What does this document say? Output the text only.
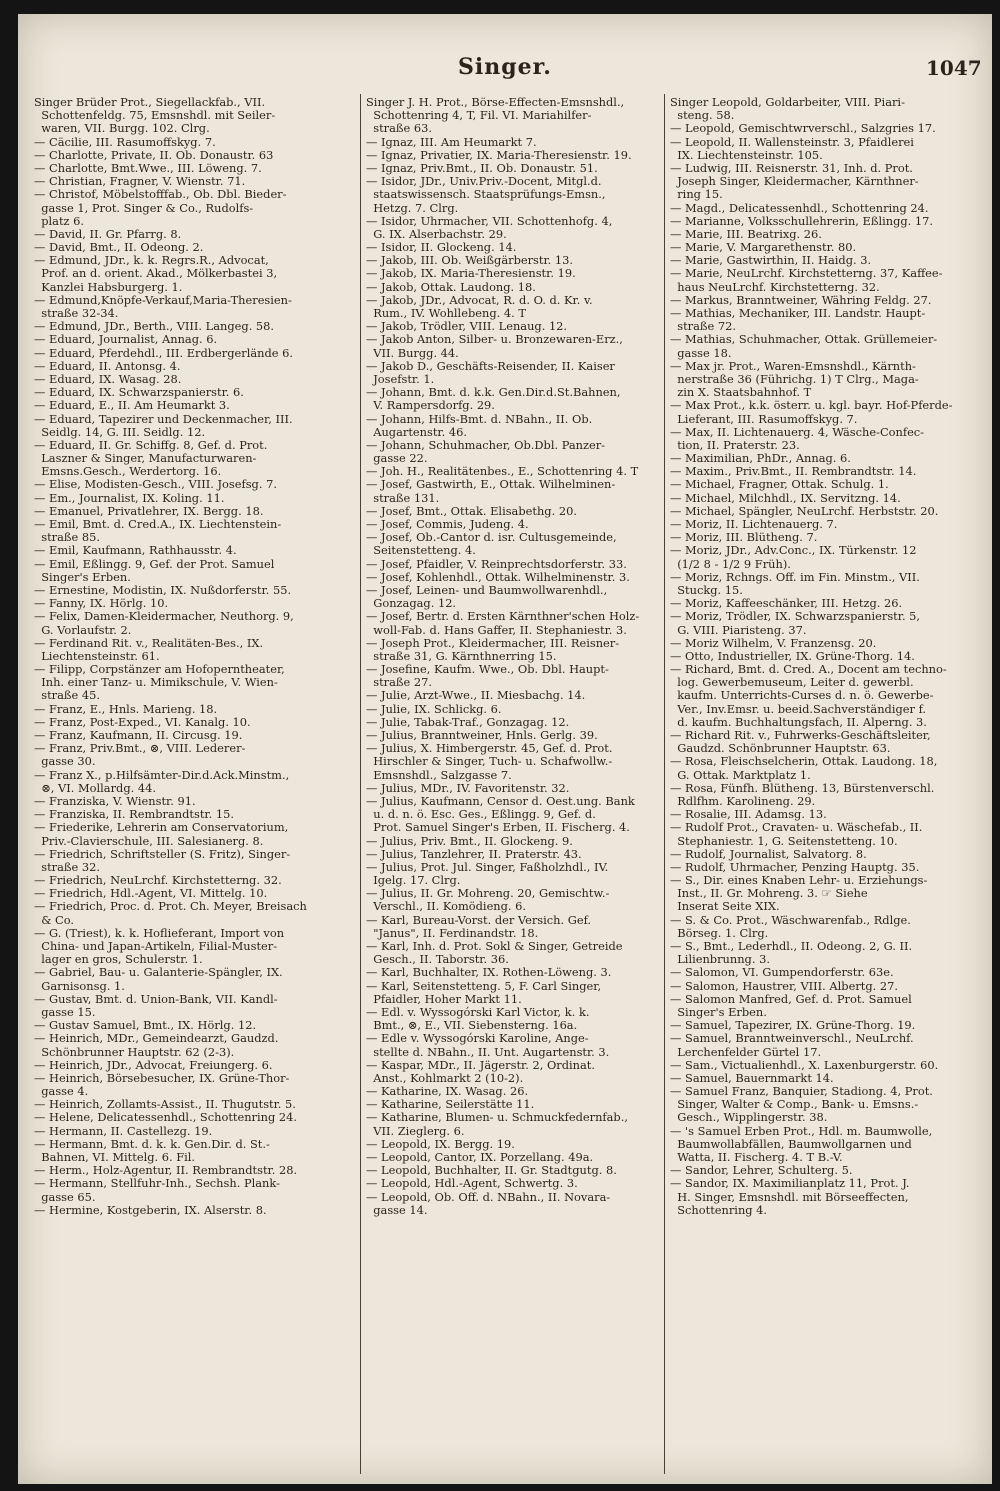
Singer.	1047
Singer Brüder Prot., Siegellackfab., VII.
Schottenfeldg. 75, Emsnshdl. mit Seiler-
waren, VII. Burgg. 102. Clrg.
— Cäcilie, III. Rasumoffskyg. 7.
— Charlotte, Private, II. Ob. Donaustr. 63
— Charlotte, Bmt.Wwe., III. Löweng. 7.
— Christian, Fragner, V. Wienstr. 71.
— Christof, Möbelstofffab., Ob. Dbl. Bieder-
gasse 1, Prot. Singer & Co., Rudolfs-
platz 6.
— David, II. Gr. Pfarrg. 8.
— David, Bmt., II. Odeong. 2.
— Edmund, JDr., k. k. Regrs.R., Advocat,
Prof. an d. orient. Akad., Mölkerbastei 3,
Kanzlei Habsburgerg. 1.
— Edmund,Knöpfe-Verkauf,Maria-Theresien-
straße 32-34.
— Edmund, JDr., Berth., VIII. Langeg. 58.
— Eduard, Journalist, Annag. 6.
— Eduard, Pferdehdl., III. Erdbergerlände 6.
— Eduard, II. Antonsg. 4.
— Eduard, IX. Wasag. 28.
— Eduard, IX. Schwarzspanierstr. 6.
— Eduard, E., II. Am Heumarkt 3.
— Eduard, Tapezirer und Deckenmacher, III.
Seidlg. 14, G. III. Seidlg. 12.
— Eduard, II. Gr. Schiffg. 8, Gef. d. Prot.
Laszner & Singer, Manufacturwaren-
Emsns.Gesch., Werdertorg. 16.
— Elise, Modisten-Gesch., VIII. Josefsg. 7.
— Em., Journalist, IX. Koling. 11.
— Emanuel, Privatlehrer, IX. Bergg. 18.
— Emil, Bmt. d. Cred.A., IX. Liechtenstein-
straße 85.
— Emil, Kaufmann, Rathhausstr. 4.
— Emil, Eßlingg. 9, Gef. der Prot. Samuel
Singer's Erben.
— Ernestine, Modistin, IX. Nußdorferstr. 55.
— Fanny, IX. Hörlg. 10.
— Felix, Damen-Kleidermacher, Neuthorg. 9,
G. Vorlaufstr. 2.
— Ferdinand Rit. v., Realitäten-Bes., IX.
Liechtensteinstr. 61.
— Filipp, Corpstänzer am Hofoperntheater,
Inh. einer Tanz- u. Mimikschule, V. Wien-
straße 45.
— Franz, E., Hnls. Marieng. 18.
— Franz, Post-Exped., VI. Kanalg. 10.
— Franz, Kaufmann, II. Circusg. 19.
— Franz, Priv.Bmt., ⊗, VIII. Lederer-
gasse 30.
— Franz X., p.Hilfsämter-Dir.d.Ack.Minstm.,
⊗, VI. Mollardg. 44.
— Franziska, V. Wienstr. 91.
— Franziska, II. Rembrandtstr. 15.
— Friederike, Lehrerin am Conservatorium,
Priv.-Clavierschule, III. Salesianerg. 8.
— Friedrich, Schriftsteller (S. Fritz), Singer-
straße 32.
— Friedrich, NeuLrchf. Kirchstetterng. 32.
— Friedrich, Hdl.-Agent, VI. Mittelg. 10.
— Friedrich, Proc. d. Prot. Ch. Meyer, Breisach
& Co.
— G. (Triest), k. k. Hoflieferant, Import von
China- und Japan-Artikeln, Filial-Muster-
lager en gros, Schulerstr. 1.
— Gabriel, Bau- u. Galanterie-Spängler, IX.
Garnisonsg. 1.
— Gustav, Bmt. d. Union-Bank, VII. Kandl-
gasse 15.
— Gustav Samuel, Bmt., IX. Hörlg. 12.
— Heinrich, MDr., Gemeindearzt, Gaudzd.
Schönbrunner Hauptstr. 62 (2-3).
— Heinrich, JDr., Advocat, Freiungerg. 6.
— Heinrich, Börsebesucher, IX. Grüne-Thor-
gasse 4.
— Heinrich, Zollamts-Assist., II. Thugutstr. 5.
— Helene, Delicatessenhdl., Schottenring 24.
— Hermann, II. Castellezg. 19.
— Hermann, Bmt. d. k. k. Gen.Dir. d. St.-
Bahnen, VI. Mittelg. 6. Fil.
— Herm., Holz-Agentur, II. Rembrandtstr. 28.
— Hermann, Stellfuhr-Inh., Sechsh. Plank-
gasse 65.
— Hermine, Kostgeberin, IX. Alserstr. 8.
Singer J. H. Prot., Börse-Effecten-Emsnshdl.,
Schottenring 4, T, Fil. VI. Mariahilfer-
straße 63.
— Ignaz, III. Am Heumarkt 7.
— Ignaz, Privatier, IX. Maria-Theresienstr. 19.
— Ignaz, Priv.Bmt., II. Ob. Donaustr. 51.
— Isidor, JDr., Univ.Priv.-Docent, Mitgl.d.
staatswissensch. Staatsprüfungs-Emsn.,
Hetzg. 7. Clrg.
— Isidor, Uhrmacher, VII. Schottenhofg. 4,
G. IX. Alserbachstr. 29.
— Isidor, II. Glockeng. 14.
— Jakob, III. Ob. Weißgärberstr. 13.
— Jakob, IX. Maria-Theresienstr. 19.
— Jakob, Ottak. Laudong. 18.
— Jakob, JDr., Advocat, R. d. O. d. Kr. v.
Rum., IV. Wohllebeng. 4. T
— Jakob, Trödler, VIII. Lenaug. 12.
— Jakob Anton, Silber- u. Bronzewaren-Erz.,
VII. Burgg. 44.
— Jakob D., Geschäfts-Reisender, II. Kaiser
Josefstr. 1.
— Johann, Bmt. d. k.k. Gen.Dir.d.St.Bahnen,
V. Rampersdorfg. 29.
— Johann, Hilfs-Bmt. d. NBahn., II. Ob.
Augartenstr. 46.
— Johann, Schuhmacher, Ob.Dbl. Panzer-
gasse 22.
— Joh. H., Realitätenbes., E., Schottenring 4. T
— Josef, Gastwirth, E., Ottak. Wilhelminen-
straße 131.
— Josef, Bmt., Ottak. Elisabethg. 20.
— Josef, Commis, Judeng. 4.
— Josef, Ob.-Cantor d. isr. Cultusgemeinde,
Seitenstetteng. 4.
— Josef, Pfaidler, V. Reinprechtsdorferstr. 33.
— Josef, Kohlenhdl., Ottak. Wilhelminenstr. 3.
— Josef, Leinen- und Baumwollwarenhdl.,
Gonzagag. 12.
— Josef, Bertr. d. Ersten Kärnthner'schen Holz-
woll-Fab. d. Hans Gaffer, II. Stephaniestr. 3.
— Joseph Prot., Kleidermacher, III. Reisner-
straße 31, G. Kärnthnerring 15.
— Josefine, Kaufm. Wwe., Ob. Dbl. Haupt-
straße 27.
— Julie, Arzt-Wwe., II. Miesbachg. 14.
— Julie, IX. Schlickg. 6.
— Julie, Tabak-Traf., Gonzagag. 12.
— Julius, Branntweiner, Hnls. Gerlg. 39.
— Julius, X. Himbergerstr. 45, Gef. d. Prot.
Hirschler & Singer, Tuch- u. Schafwollw.-
Emsnshdl., Salzgasse 7.
— Julius, MDr., IV. Favoritenstr. 32.
— Julius, Kaufmann, Censor d. Oest.ung. Bank
u. d. n. ö. Esc. Ges., Eßlingg. 9, Gef. d.
Prot. Samuel Singer's Erben, II. Fischerg. 4.
— Julius, Priv. Bmt., II. Glockeng. 9.
— Julius, Tanzlehrer, II. Praterstr. 43.
— Julius, Prot. Jul. Singer, Faßholzhdl., IV.
Igelg. 17. Clrg.
— Julius, II. Gr. Mohreng. 20, Gemischtw.-
Verschl., II. Komödieng. 6.
— Karl, Bureau-Vorst. der Versich. Gef.
"Janus", II. Ferdinandstr. 18.
— Karl, Inh. d. Prot. Sokl & Singer, Getreide
Gesch., II. Taborstr. 36.
— Karl, Buchhalter, IX. Rothen-Löweng. 3.
— Karl, Seitenstetteng. 5, F. Carl Singer,
Pfaidler, Hoher Markt 11.
— Edl. v. Wyssogórski Karl Victor, k. k.
Bmt., ⊗, E., VII. Siebensterng. 16a.
— Edle v. Wyssogórski Karoline, Ange-
stellte d. NBahn., II. Unt. Augartenstr. 3.
— Kaspar, MDr., II. Jägerstr. 2, Ordinat.
Anst., Kohlmarkt 2 (10-2).
— Katharine, IX. Wasag. 26.
— Katharine, Seilerstätte 11.
— Katharine, Blumen- u. Schmuckfedernfab.,
VII. Zieglerg. 6.
— Leopold, IX. Bergg. 19.
— Leopold, Cantor, IX. Porzellang. 49a.
— Leopold, Buchhalter, II. Gr. Stadtgutg. 8.
— Leopold, Hdl.-Agent, Schwertg. 3.
— Leopold, Ob. Off. d. NBahn., II. Novara-
gasse 14.
Singer Leopold, Goldarbeiter, VIII. Piari-
steng. 58.
— Leopold, Gemischtwrverschl., Salzgries 17.
— Leopold, II. Wallensteinstr. 3, Pfaidlerei
IX. Liechtensteinstr. 105.
— Ludwig, III. Reisnerstr. 31, Inh. d. Prot.
Joseph Singer, Kleidermacher, Kärnthner-
ring 15.
— Magd., Delicatessenhdl., Schottenring 24.
— Marianne, Volksschullehrerin, Eßlingg. 17.
— Marie, III. Beatrixg. 26.
— Marie, V. Margarethenstr. 80.
— Marie, Gastwirthin, II. Haidg. 3.
— Marie, NeuLrchf. Kirchstetterng. 37, Kaffee-
haus NeuLrchf. Kirchstetterng. 32.
— Markus, Branntweiner, Währing Feldg. 27.
— Mathias, Mechaniker, III. Landstr. Haupt-
straße 72.
— Mathias, Schuhmacher, Ottak. Grüllemeier-
gasse 18.
— Max jr. Prot., Waren-Emsnshdl., Kärnth-
nerstraße 36 (Führichg. 1) T Clrg., Maga-
zin X. Staatsbahnhof. T
— Max Prot., k.k. österr. u. kgl. bayr. Hof-Pferde-
Lieferant, III. Rasumoffskyg. 7.
— Max, II. Lichtenauerg. 4, Wäsche-Confec-
tion, II. Praterstr. 23.
— Maximilian, PhDr., Annag. 6.
— Maxim., Priv.Bmt., II. Rembrandtstr. 14.
— Michael, Fragner, Ottak. Schulg. 1.
— Michael, Milchhdl., IX. Servitzng. 14.
— Michael, Spängler, NeuLrchf. Herbststr. 20.
— Moriz, II. Lichtenauerg. 7.
— Moriz, III. Blütheng. 7.
— Moriz, JDr., Adv.Conc., IX. Türkenstr. 12
(1/2 8 - 1/2 9 Früh).
— Moriz, Rchngs. Off. im Fin. Minstm., VII.
Stuckg. 15.
— Moriz, Kaffeeschänker, III. Hetzg. 26.
— Moriz, Trödler, IX. Schwarzspanierstr. 5,
G. VIII. Piaristeng. 37.
— Moriz Wilhelm, V. Franzensg. 20.
— Otto, Industrieller, IX. Grüne-Thorg. 14.
— Richard, Bmt. d. Cred. A., Docent am techno-
log. Gewerbemuseum, Leiter d. gewerbl.
kaufm. Unterrichts-Curses d. n. ö. Gewerbe-
Ver., Inv.Emsr. u. beeid.Sachverständiger f.
d. kaufm. Buchhaltungsfach, II. Alperng. 3.
— Richard Rit. v., Fuhrwerks-Geschäftsleiter,
Gaudzd. Schönbrunner Hauptstr. 63.
— Rosa, Fleischselcherin, Ottak. Laudong. 18,
G. Ottak. Marktplatz 1.
— Rosa, Fünfh. Blütheng. 13, Bürstenverschl.
Rdlfhm. Karolineng. 29.
— Rosalie, III. Adamsg. 13.
— Rudolf Prot., Cravaten- u. Wäschefab., II.
Stephaniestr. 1, G. Seitenstetteng. 10.
— Rudolf, Journalist, Salvatorg. 8.
— Rudolf, Uhrmacher, Penzing Hauptg. 35.
— S., Dir. eines Knaben Lehr- u. Erziehungs-
Inst., II. Gr. Mohreng. 3. ☞ Siehe
Inserat Seite XIX.
— S. & Co. Prot., Wäschwarenfab., Rdlge.
Börseg. 1. Clrg.
— S., Bmt., Lederhdl., II. Odeong. 2, G. II.
Lilienbrunng. 3.
— Salomon, VI. Gumpendorferstr. 63e.
— Salomon, Haustrer, VIII. Albertg. 27.
— Salomon Manfred, Gef. d. Prot. Samuel
Singer's Erben.
— Samuel, Tapezirer, IX. Grüne-Thorg. 19.
— Samuel, Branntweinverschl., NeuLrchf.
Lerchenfelder Gürtel 17.
— Sam., Victualienhdl., X. Laxenburgerstr. 60.
— Samuel, Bauernmarkt 14.
— Samuel Franz, Banquier, Stadiong. 4, Prot.
Singer, Walter & Comp., Bank- u. Emsns.-
Gesch., Wipplingerstr. 38.
— 's Samuel Erben Prot., Hdl. m. Baumwolle,
Baumwollabfällen, Baumwollgarnen und
Watta, II. Fischerg. 4. T B.-V.
— Sandor, Lehrer, Schulterg. 5.
— Sandor, IX. Maximilianplatz 11, Prot. J.
H. Singer, Emsnshdl. mit Börseeffecten,
Schottenring 4.
